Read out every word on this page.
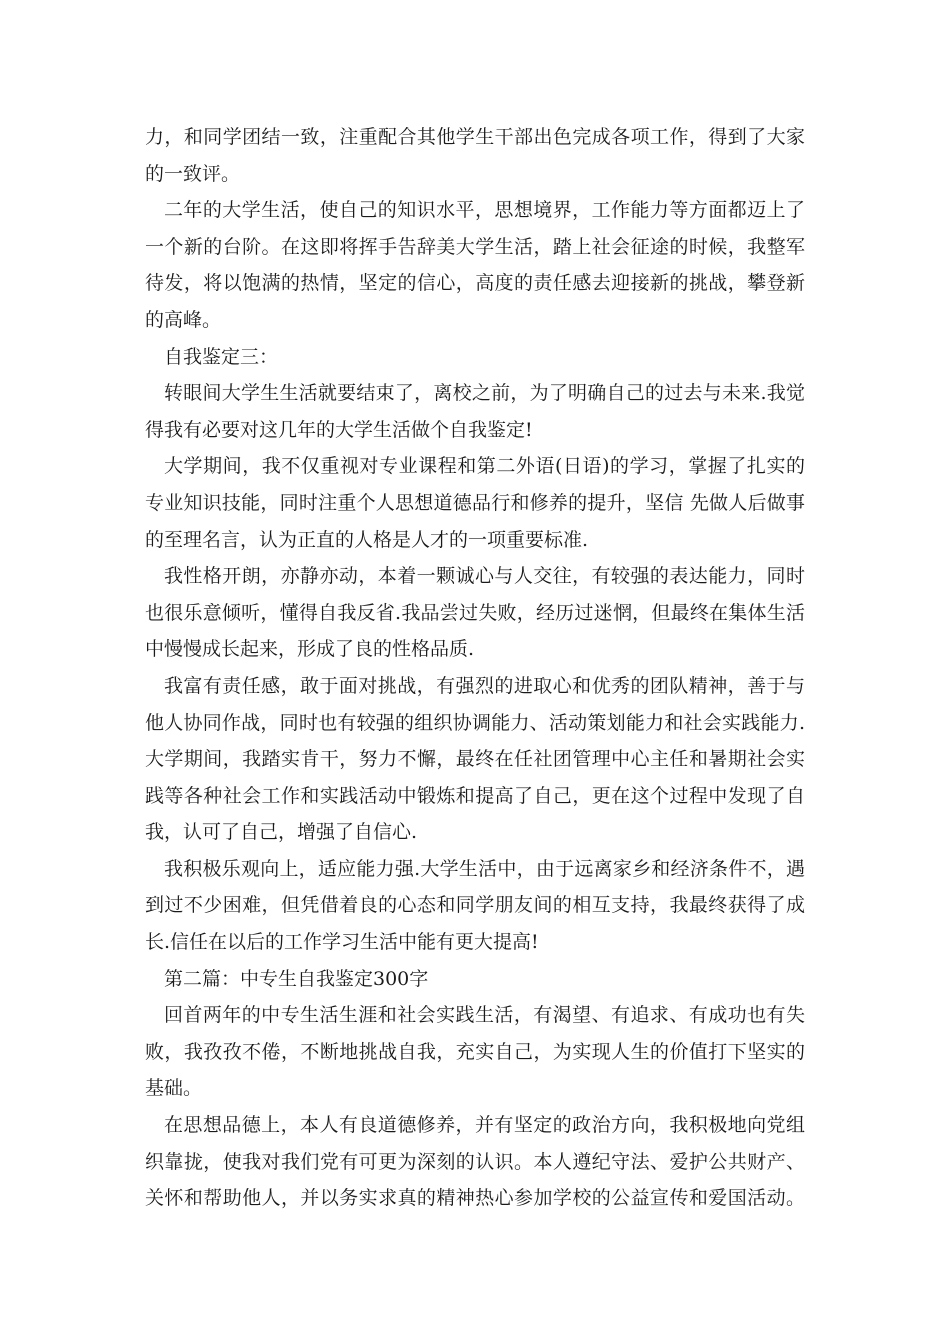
力，和同学团结一致，注重配合其他学生干部出色完成各项工作，得到了大家
的一致评。
二年的大学生活，使自己的知识水平，思想境界，工作能力等方面都迈上了
一个新的台阶。在这即将挥手告辞美大学生活，踏上社会征途的时候，我整军
待发，将以饱满的热情，坚定的信心，高度的责任感去迎接新的挑战，攀登新
的高峰。
自我鉴定三：
转眼间大学生生活就要结束了，离校之前，为了明确自己的过去与未来.我觉
得我有必要对这几年的大学生活做个自我鉴定!
大学期间，我不仅重视对专业课程和第二外语(日语)的学习，掌握了扎实的
专业知识技能，同时注重个人思想道德品行和修养的提升，坚信 先做人后做事
的至理名言，认为正直的人格是人才的一项重要标准.
我性格开朗，亦静亦动，本着一颗诚心与人交往，有较强的表达能力，同时
也很乐意倾听，懂得自我反省.我品尝过失败，经历过迷惘，但最终在集体生活
中慢慢成长起来，形成了良的性格品质.
我富有责任感，敢于面对挑战，有强烈的进取心和优秀的团队精神，善于与
他人协同作战，同时也有较强的组织协调能力、活动策划能力和社会实践能力.
大学期间，我踏实肯干，努力不懈，最终在任社团管理中心主任和暑期社会实
践等各种社会工作和实践活动中锻炼和提高了自己，更在这个过程中发现了自
我，认可了自己，增强了自信心.
我积极乐观向上，适应能力强.大学生活中，由于远离家乡和经济条件不，遇
到过不少困难，但凭借着良的心态和同学朋友间的相互支持，我最终获得了成
长.信任在以后的工作学习生活中能有更大提高!
第二篇：中专生自我鉴定300字
回首两年的中专生活生涯和社会实践生活，有渴望、有追求、有成功也有失
败，我孜孜不倦，不断地挑战自我，充实自己，为实现人生的价值打下坚实的
基础。
在思想品德上，本人有良道德修养，并有坚定的政治方向，我积极地向党组
织靠拢，使我对我们党有可更为深刻的认识。本人遵纪守法、爱护公共财产、
关怀和帮助他人，并以务实求真的精神热心参加学校的公益宣传和爱国活动。
